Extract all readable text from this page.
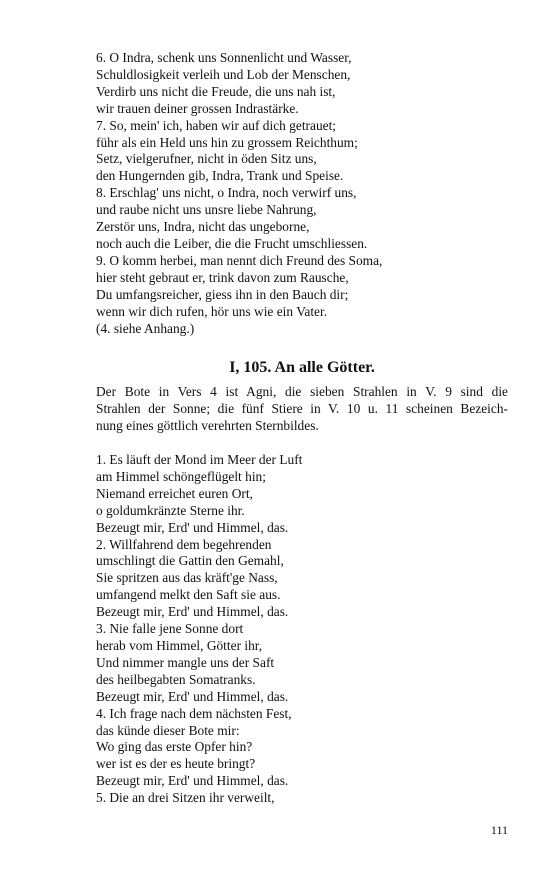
6. O Indra, schenk uns Sonnenlicht und Wasser,
Schuldlosigkeit verleih und Lob der Menschen,
Verdirb uns nicht die Freude, die uns nah ist,
wir trauen deiner grossen Indrastärke.
7. So, mein' ich, haben wir auf dich getrauet;
führ als ein Held uns hin zu grossem Reichthum;
Setz, vielgerufner, nicht in öden Sitz uns,
den Hungernden gib, Indra, Trank und Speise.
8. Erschlag' uns nicht, o Indra, noch verwirf uns,
und raube nicht uns unsre liebe Nahrung,
Zerstör uns, Indra, nicht das ungeborne,
noch auch die Leiber, die die Frucht umschliessen.
9. O komm herbei, man nennt dich Freund des Soma,
hier steht gebraut er, trink davon zum Rausche,
Du umfangsreicher, giess ihn in den Bauch dir;
wenn wir dich rufen, hör uns wie ein Vater.
(4. siehe Anhang.)
I, 105. An alle Götter.
Der Bote in Vers 4 ist Agni, die sieben Strahlen in V. 9 sind die
Strahlen der Sonne; die fünf Stiere in V. 10 u. 11 scheinen Bezeich-
nung eines göttlich verehrten Sternbildes.
1. Es läuft der Mond im Meer der Luft
am Himmel schöngeflügelt hin;
Niemand erreichet euren Ort,
o goldumkränzte Sterne ihr.
Bezeugt mir, Erd' und Himmel, das.
2. Willfahrend dem begehrenden
umschlingt die Gattin den Gemahl,
Sie spritzen aus das kräft'ge Nass,
umfangend melkt den Saft sie aus.
Bezeugt mir, Erd' und Himmel, das.
3. Nie falle jene Sonne dort
herab vom Himmel, Götter ihr,
Und nimmer mangle uns der Saft
des heilbegabten Somatranks.
Bezeugt mir, Erd' und Himmel, das.
4. Ich frage nach dem nächsten Fest,
das künde dieser Bote mir:
Wo ging das erste Opfer hin?
wer ist es der es heute bringt?
Bezeugt mir, Erd' und Himmel, das.
5. Die an drei Sitzen ihr verweilt,
111
